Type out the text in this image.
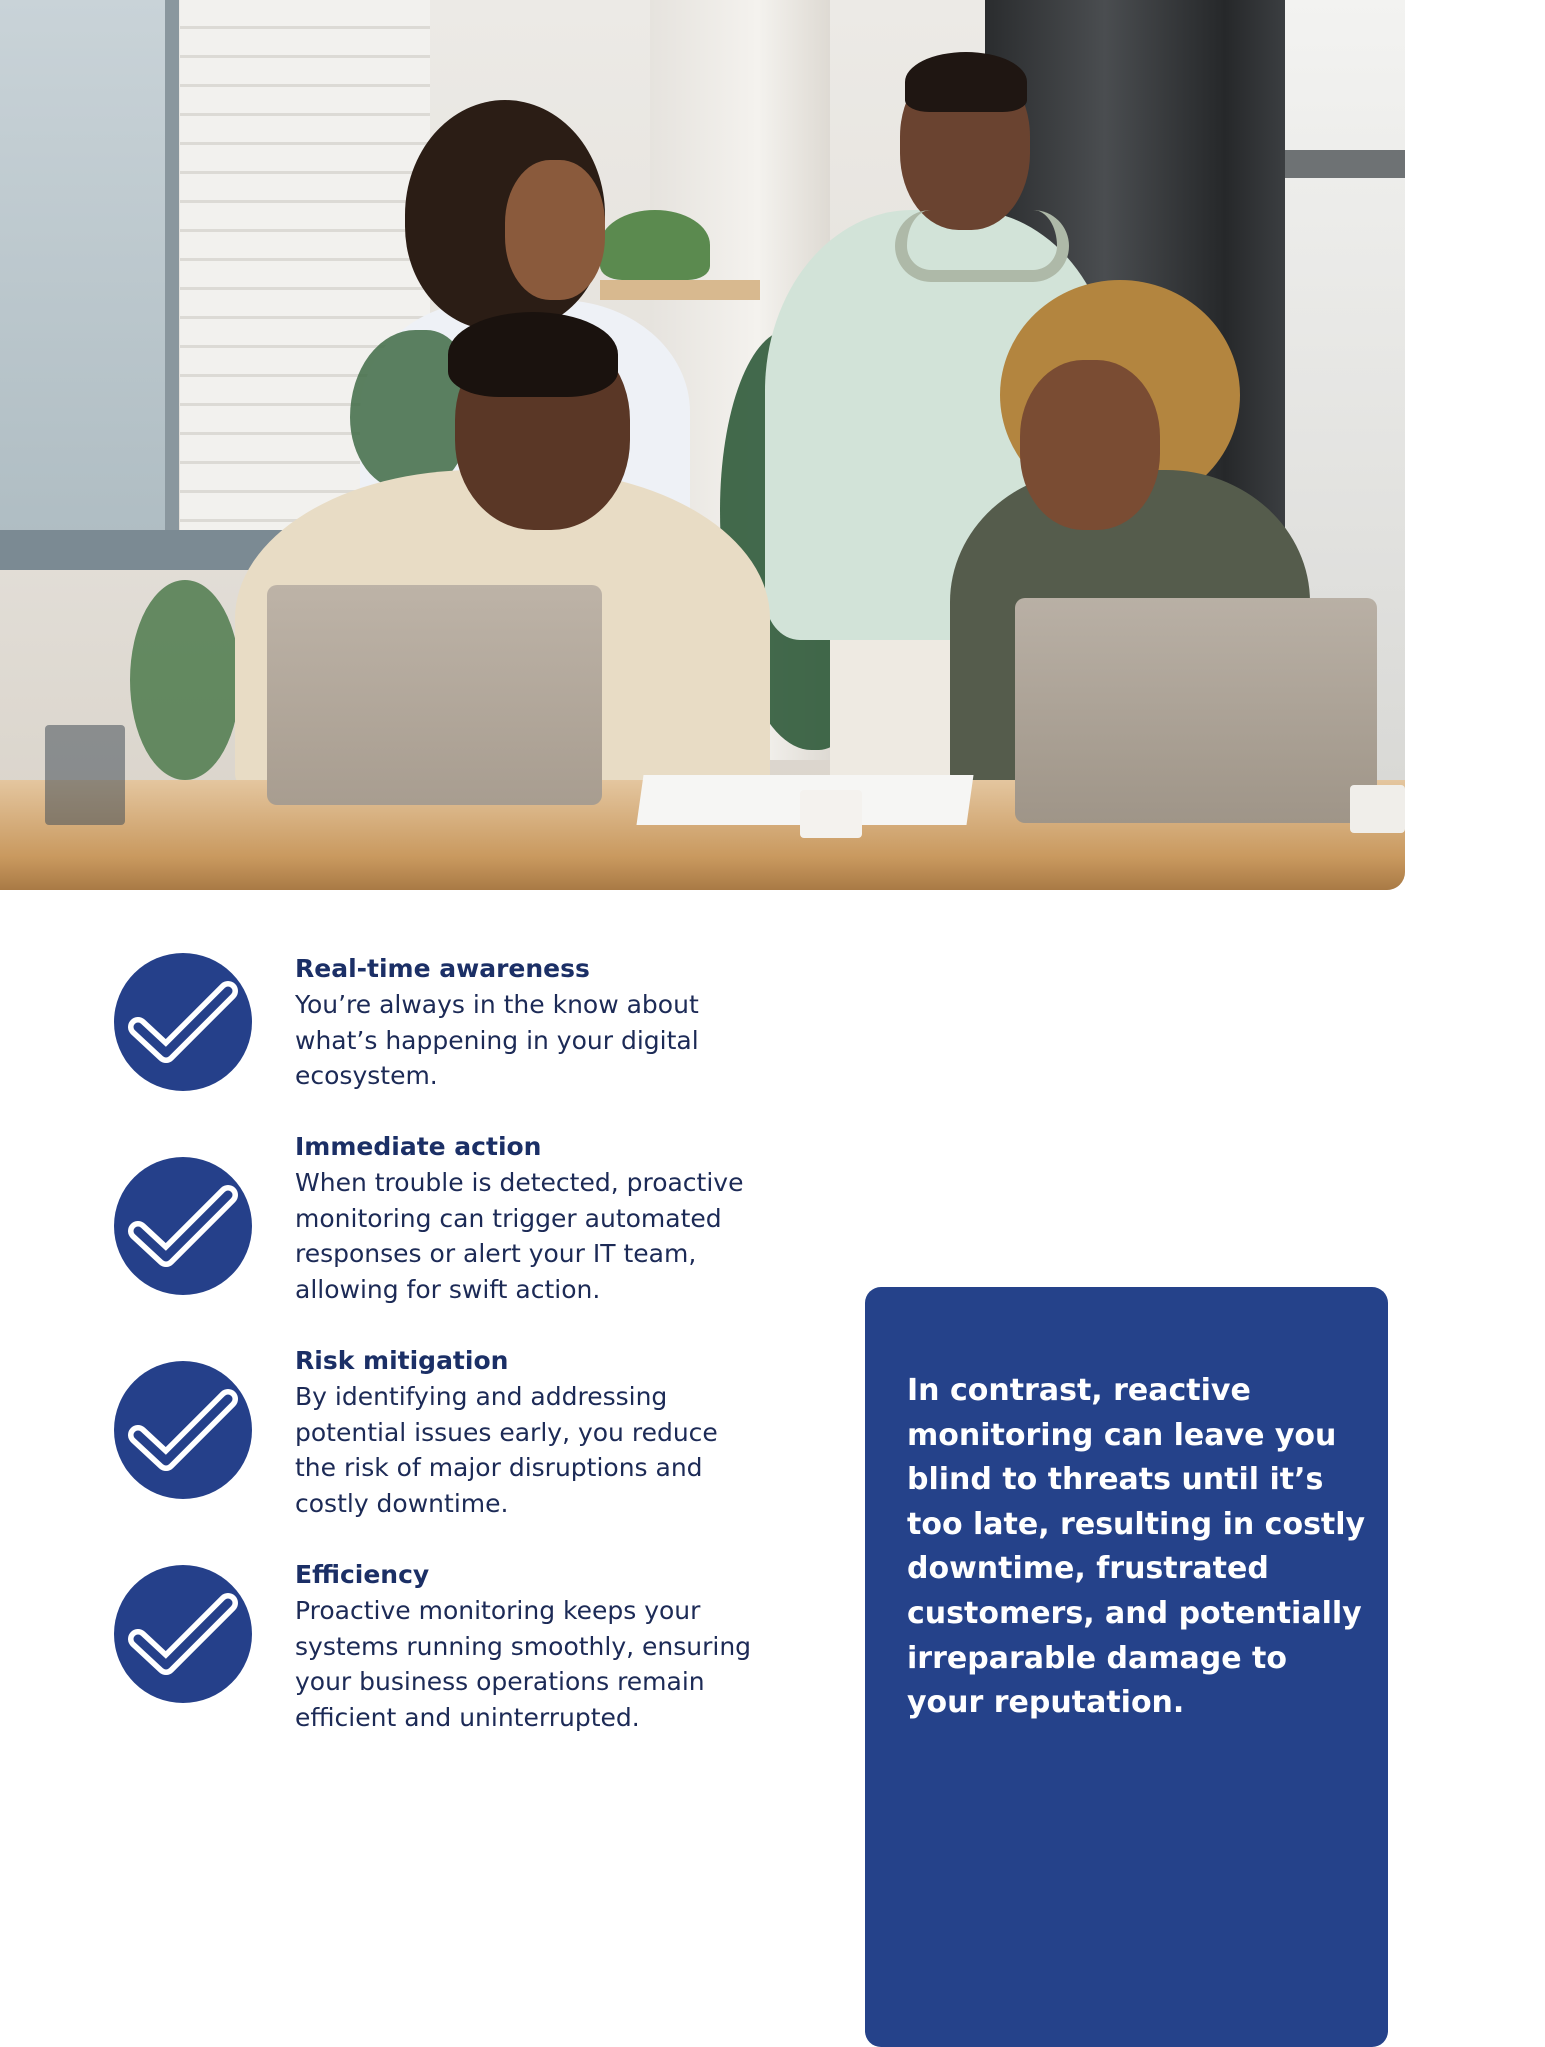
Real-time awareness
You’re always in the know about what’s happening in your digital ecosystem.
Immediate action
When trouble is detected, proactive monitoring can trigger automated responses or alert your IT team, allowing for swift action.
Risk mitigation
By identifying and addressing potential issues early, you reduce the risk of major disruptions and costly downtime.
Efficiency
Proactive monitoring keeps your systems running smoothly, ensuring your business operations remain efficient and uninterrupted.
In contrast, reactive monitoring can leave you blind to threats until it’s too late, resulting in costly downtime, frustrated customers, and potentially irreparable damage to your reputation.
